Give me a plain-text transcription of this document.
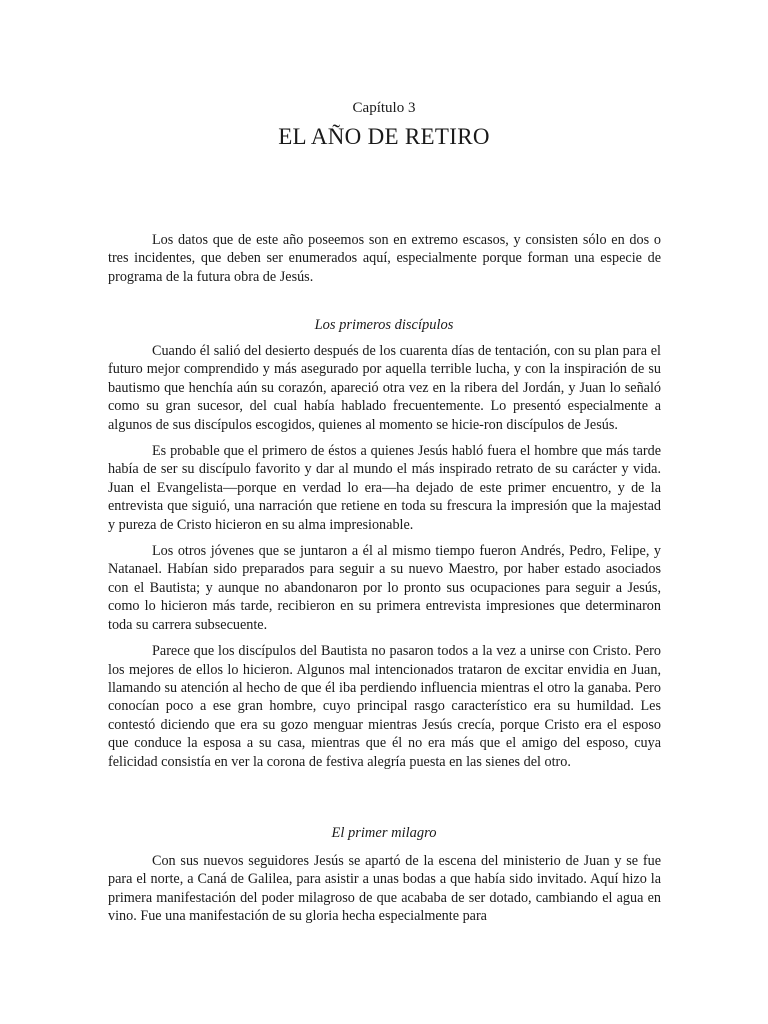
Capítulo 3
EL AÑO DE RETIRO

Los datos que de este año poseemos son en extremo escasos, y consisten sólo en dos o tres incidentes, que deben ser enumerados aquí, especialmente porque forman una especie de programa de la futura obra de Jesús.

Los primeros discípulos

Cuando él salió del desierto después de los cuarenta días de tentación, con su plan para el futuro mejor comprendido y más asegurado por aquella terrible lucha, y con la inspiración de su bautismo que henchía aún su corazón, apareció otra vez en la ribera del Jordán, y Juan lo señaló como su gran sucesor, del cual había hablado frecuentemente. Lo presentó especialmente a algunos de sus discípulos escogidos, quienes al momento se hicie-ron discípulos de Jesús.

Es probable que el primero de éstos a quienes Jesús habló fuera el hombre que más tarde había de ser su discípulo favorito y dar al mundo el más inspirado retrato de su carácter y vida. Juan el Evangelista—porque en verdad lo era—ha dejado de este primer encuentro, y de la entrevista que siguió, una narración que retiene en toda su frescura la impresión que la majestad y pureza de Cristo hicieron en su alma impresionable.

Los otros jóvenes que se juntaron a él al mismo tiempo fueron Andrés, Pedro, Felipe, y Natanael. Habían sido preparados para seguir a su nuevo Maestro, por haber estado asociados con el Bautista; y aunque no abandonaron por lo pronto sus ocupaciones para seguir a Jesús, como lo hicieron más tarde, recibieron en su primera entrevista impresiones que determinaron toda su carrera subsecuente.

Parece que los discípulos del Bautista no pasaron todos a la vez a unirse con Cristo. Pero los mejores de ellos lo hicieron. Algunos mal intencionados trataron de excitar envidia en Juan, llamando su atención al hecho de que él iba perdiendo influencia mientras el otro la ganaba. Pero conocían poco a ese gran hombre, cuyo principal rasgo característico era su humildad. Les contestó diciendo que era su gozo menguar mientras Jesús crecía, porque Cristo era el esposo que conduce la esposa a su casa, mientras que él no era más que el amigo del esposo, cuya felicidad consistía en ver la corona de festiva alegría puesta en las sienes del otro.

El primer milagro

Con sus nuevos seguidores Jesús se apartó de la escena del ministerio de Juan y se fue para el norte, a Caná de Galilea, para asistir a unas bodas a que había sido invitado. Aquí hizo la primera manifestación del poder milagroso de que acababa de ser dotado, cambiando el agua en vino. Fue una manifestación de su gloria hecha especialmente para
